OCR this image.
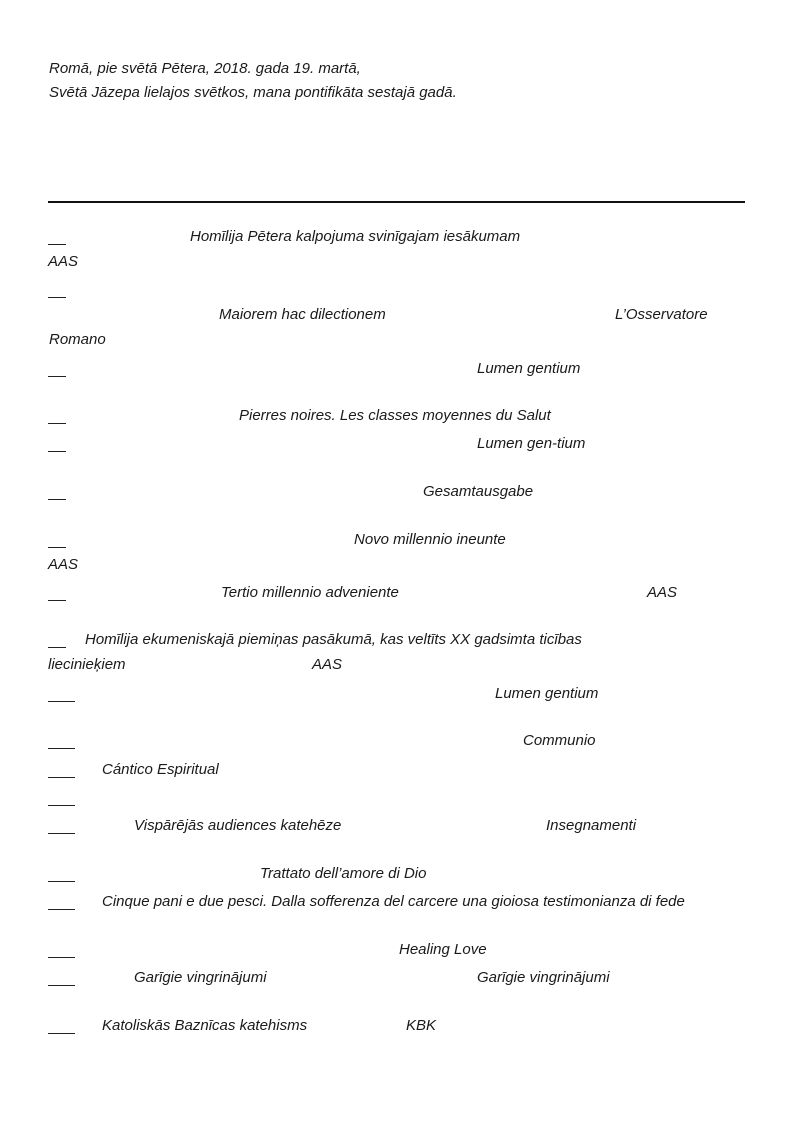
Romā, pie svētā Pētera, 2018. gada 19. martā,
Svētā Jāzepa lielajos svētkos, mana pontifikāta sestajā gadā.
Homīlija Pētera kalpojuma svinīgajam iesākumam
AAS
Maiorem hac dilectionem	L’Osservatore
Romano
Lumen gentium
Pierres noires. Les classes moyennes du Salut
Lumen gen-tium
Gesamtausgabe
Novo millennio ineunte
AAS
Tertio millennio adveniente	AAS
Homīlija ekumeniskajā piemiņas pasākumā, kas veltīts XX gadsimta ticības
liecinieķiem	AAS
Lumen gentium
Communio
Cántico Espiritual
Vispārējās audiences katehēze	Insegnamenti
Trattato dell’amore di Dio
Cinque pani e due pesci. Dalla sofferenza del carcere una gioiosa testimonianza di fede
Healing Love
Garīgie vingrinājumi	Garīgie vingrinājumi
Katoliskās Baznīcas katehisms	KBK
